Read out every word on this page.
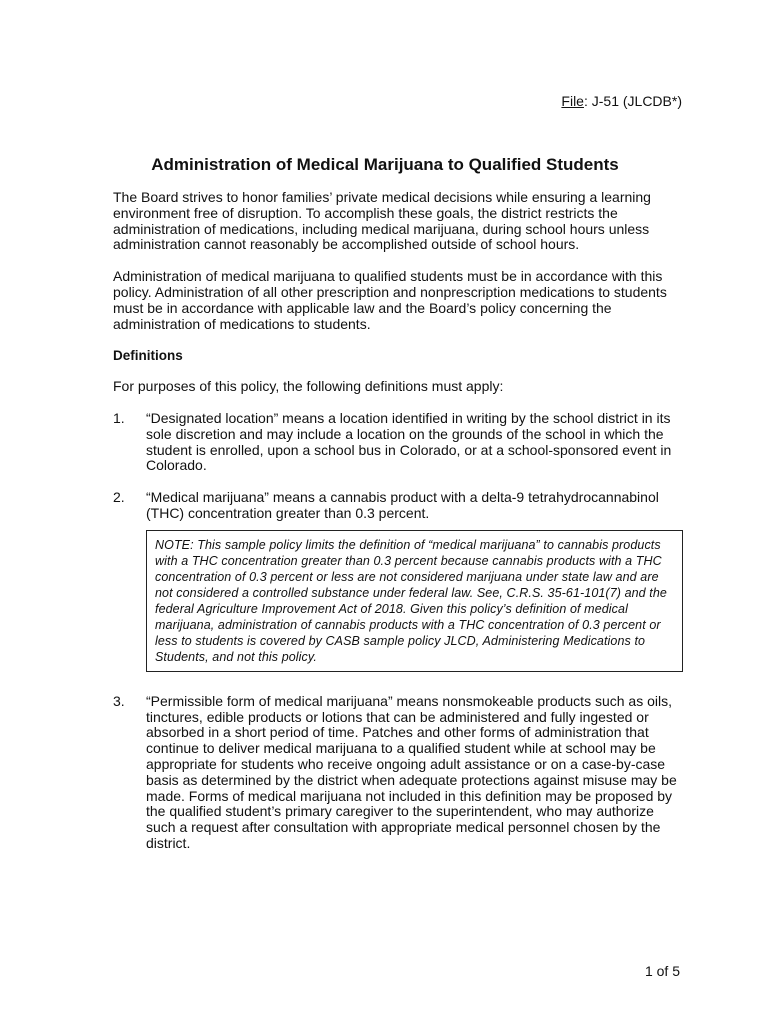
File: J-51 (JLCDB*)
Administration of Medical Marijuana to Qualified Students

The Board strives to honor families’ private medical decisions while ensuring a learning environment free of disruption. To accomplish these goals, the district restricts the administration of medications, including medical marijuana, during school hours unless administration cannot reasonably be accomplished outside of school hours.

Administration of medical marijuana to qualified students must be in accordance with this policy. Administration of all other prescription and nonprescription medications to students must be in accordance with applicable law and the Board’s policy concerning the administration of medications to students.

Definitions

For purposes of this policy, the following definitions must apply:

1.	“Designated location” means a location identified in writing by the school district in its sole discretion and may include a location on the grounds of the school in which the student is enrolled, upon a school bus in Colorado, or at a school-sponsored event in Colorado.
2.	“Medical marijuana” means a cannabis product with a delta-9 tetrahydrocannabinol (THC) concentration greater than 0.3 percent.
NOTE: This sample policy limits the definition of “medical marijuana” to cannabis products with a THC concentration greater than 0.3 percent because cannabis products with a THC concentration of 0.3 percent or less are not considered marijuana under state law and are not considered a controlled substance under federal law. See, C.R.S. 35-61-101(7) and the federal Agriculture Improvement Act of 2018. Given this policy’s definition of medical marijuana, administration of cannabis products with a THC concentration of 0.3 percent or less to students is covered by CASB sample policy JLCD, Administering Medications to Students, and not this policy.
3.	“Permissible form of medical marijuana” means nonsmokeable products such as oils, tinctures, edible products or lotions that can be administered and fully ingested or absorbed in a short period of time. Patches and other forms of administration that continue to deliver medical marijuana to a qualified student while at school may be appropriate for students who receive ongoing adult assistance or on a case-by-case basis as determined by the district when adequate protections against misuse may be made. Forms of medical marijuana not included in this definition may be proposed by the qualified student’s primary caregiver to the superintendent, who may authorize such a request after consultation with appropriate medical personnel chosen by the district.
1 of 5
